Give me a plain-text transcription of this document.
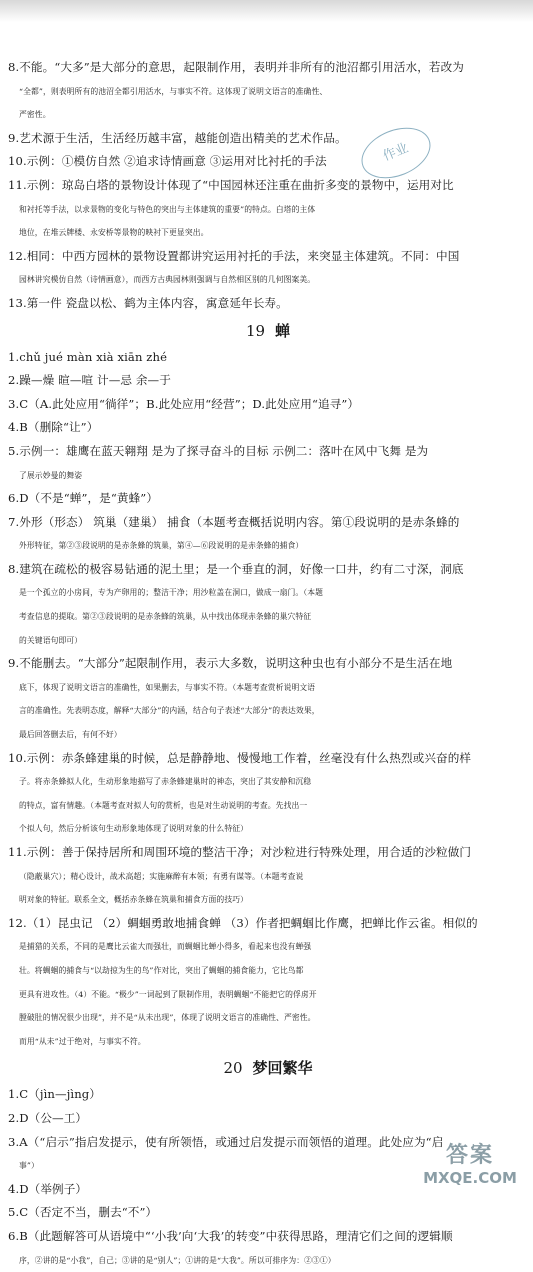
8.不能。“大多”是大部分的意思，起限制作用，表明并非所有的池沼都引用活水，若改为
“全都”，则表明所有的池沼全都引用活水，与事实不符。这体现了说明文语言的准确性、
严密性。
9.艺术源于生活，生活经历越丰富，越能创造出精美的艺术作品。
10.示例：①模仿自然 ②追求诗情画意 ③运用对比衬托的手法
11.示例：琼岛白塔的景物设计体现了“中国园林还注重在曲折多变的景物中，运用对比
和衬托等手法，以求景物的变化与特色的突出与主体建筑的重要”的特点。白塔的主体
地位，在堆云牌楼、永安桥等景物的映衬下更显突出。
12.相同：中西方园林的景物设置都讲究运用衬托的手法，来突显主体建筑。不同：中国
园林讲究模仿自然（诗情画意），而西方古典园林则强调与自然相区别的几何图案美。
13.第一件 瓷盘以松、鹤为主体内容，寓意延年长寿。
19 蝉
1.chǔ jué màn xià xiān zhé
2.躁—燥 暄—喧 计—忌 余—于
3.C（A.此处应用“徜徉”；B.此处应用“经营”；D.此处应用“追寻”）
4.B（删除“让”）
5.示例一：雄鹰在蓝天翱翔 是为了探寻奋斗的目标 示例二：落叶在风中飞舞 是为
了展示妙曼的舞姿
6.D（不是“蝉”，是“黄蜂”）
7.外形（形态） 筑巢（建巢） 捕食（本题考查概括说明内容。第①段说明的是赤条蜂的
外形特征，第②③段说明的是赤条蜂的筑巢，第④—⑥段说明的是赤条蜂的捕食）
8.建筑在疏松的极容易钻通的泥土里；是一个垂直的洞，好像一口井，约有二寸深，洞底
是一个孤立的小房间，专为产卵用的；整洁干净；用沙粒盖在洞口，做成一扇门。（本题
考查信息的提取。第②③段说明的是赤条蜂的筑巢，从中找出体现赤条蜂的巢穴特征
的关键语句即可）
9.不能删去。“大部分”起限制作用，表示大多数，说明这种虫也有小部分不是生活在地
底下，体现了说明文语言的准确性，如果删去，与事实不符。（本题考查赏析说明文语
言的准确性。先表明态度，解释“大部分”的内涵，结合句子表述“大部分”的表达效果，
最后回答删去后，有何不好）
10.示例：赤条蜂建巢的时候，总是静静地、慢慢地工作着，丝毫没有什么热烈或兴奋的样
子。将赤条蜂拟人化，生动形象地描写了赤条蜂建巢时的神态，突出了其安静和沉稳
的特点，富有情趣。（本题考查对拟人句的赏析，也是对生动说明的考查。先找出一
个拟人句，然后分析该句生动形象地体现了说明对象的什么特征）
11.示例：善于保持居所和周围环境的整洁干净；对沙粒进行特殊处理，用合适的沙粒做门
（隐蔽巢穴）；精心设计，战术高超；实施麻醉有本领；有勇有谋等。（本题考查说
明对象的特征。联系全文，概括赤条蜂在筑巢和捕食方面的技巧）
12.（1）昆虫记 （2）蜩蝈勇敢地捕食蝉 （3）作者把蜩蝈比作鹰，把蝉比作云雀。相似的
是捕猎的关系，不同的是鹰比云雀大而强壮，而蜩蝈比蝉小得多，看起来也没有蝉强
壮。将蜩蝈的捕食与“以劫掠为生的鸟”作对比，突出了蜩蝈的捕食能力，它比鸟都
更具有进攻性。（4）不能。“极少”一词起到了限制作用，表明蜩蝈“不能把它的俘虏开
膛破肚的情况很少出现”，并不是“从未出现”，体现了说明文语言的准确性、严密性。
而用“从未”过于绝对，与事实不符。
20 梦回繁华
1.C（jìn—jìng）
2.D（公—工）
3.A（“启示”指启发提示，使有所领悟，或通过启发提示而领悟的道理。此处应为“启
事”）
4.D（举例子）
5.C（否定不当，删去“不”）
6.B（此题解答可从语境中“‘小我’向‘大我’的转变”中获得思路，理清它们之间的逻辑顺
序，②讲的是“小我”，自己；③讲的是“别人”；①讲的是“大我”。所以可排序为：②③①）
作业
答案
MXQE.COM
